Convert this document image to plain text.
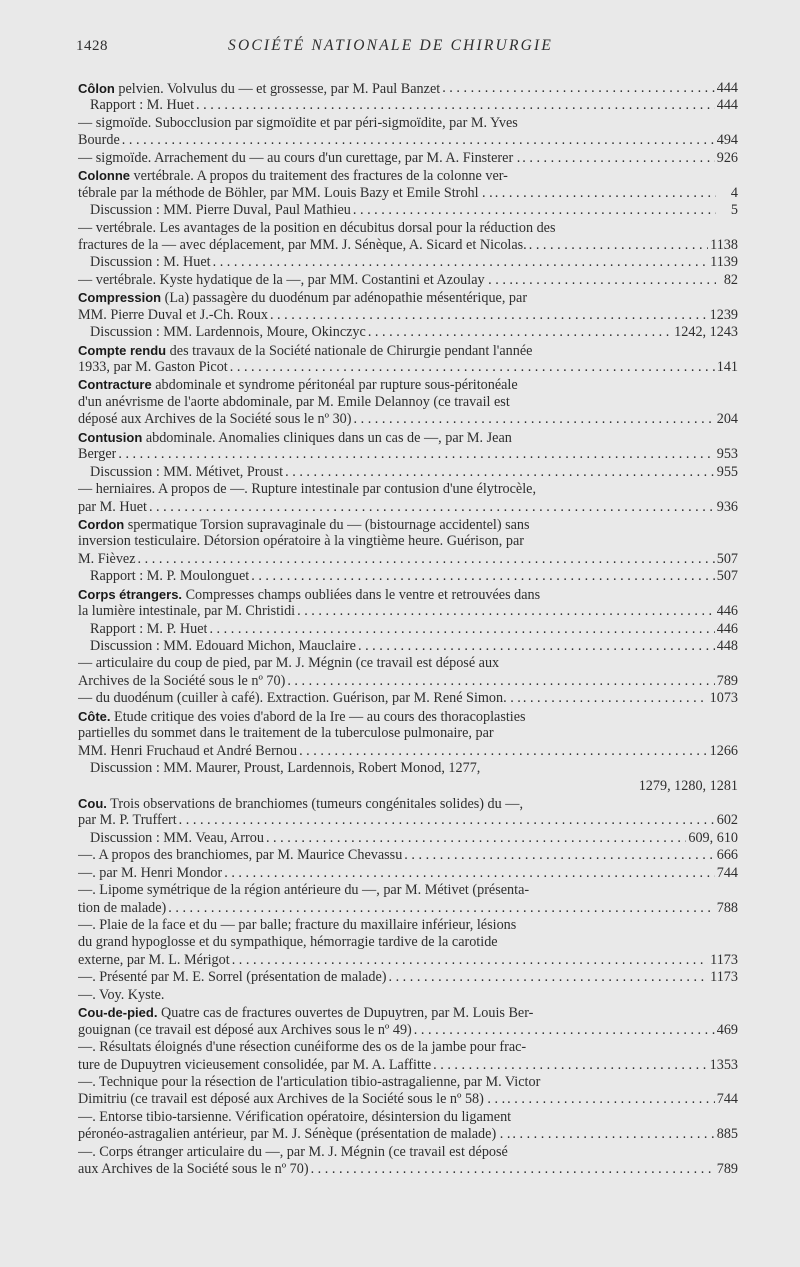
1428	SOCIÉTÉ NATIONALE DE CHIRURGIE
Côlon pelvien. Volvulus du — et grossesse, par M. Paul Banzet . . .	444
Rapport : M. Huet . . .	444
— sigmoïde. Subocclusion par sigmoïdite et par péri-sigmoïdite, par M. Yves
Bourde . . .	494
— sigmoïde. Arrachement du — au cours d'un curettage, par M. A. Finsterer . . . .	926
Colonne vertébrale. A propos du traitement des fractures de la colonne ver-
tébrale par la méthode de Böhler, par MM. Louis Bazy et Emile Strohl . . . . .	4
Discussion : MM. Pierre Duval, Paul Mathieu . . .	5
— vertébrale. Les avantages de la position en décubitus dorsal pour la réduction des
fractures de la — avec déplacement, par MM. J. Sénèque, A. Sicard et Nicolas. . . .	1138
Discussion : M. Huet . . .	1139
— vertébrale. Kyste hydatique de la —, par MM. Costantini et Azoulay . . . . . . .	82
Compression (La) passagère du duodénum par adénopathie mésentérique, par
MM. Pierre Duval et J.-Ch. Roux . . .	1239
Discussion : MM. Lardennois, Moure, Okinczyc . . .	1242, 1243
Compte rendu des travaux de la Société nationale de Chirurgie pendant l'année
1933, par M. Gaston Picot . . .	141
Contracture abdominale et syndrome péritonéal par rupture sous-péritonéale
d'un anévrisme de l'aorte abdominale, par M. Emile Delannoy (ce travail est
déposé aux Archives de la Société sous le nº 30) . . .	204
Contusion abdominale. Anomalies cliniques dans un cas de —, par M. Jean
Berger . . .	953
Discussion : MM. Métivet, Proust . . .	955
— herniaires. A propos de —. Rupture intestinale par contusion d'une élytrocèle,
par M. Huet . . .	936
Cordon spermatique Torsion supravaginale du — (bistournage accidentel) sans
inversion testiculaire. Détorsion opératoire à la vingtième heure. Guérison, par
M. Fièvez . . .	507
Rapport : M. P. Moulonguet . . .	507
Corps étrangers. Compresses champs oubliées dans le ventre et retrouvées dans
la lumière intestinale, par M. Christidi . . .	446
Rapport : M. P. Huet . . .	446
Discussion : MM. Edouard Michon, Mauclaire . . .	448
— articulaire du coup de pied, par M. J. Mégnin (ce travail est déposé aux
Archives de la Société sous le nº 70) . . .	789
— du duodénum (cuiller à café). Extraction. Guérison, par M. René Simon. . . . . .	1073
Côte. Etude critique des voies d'abord de la Ire — au cours des thoracoplasties
partielles du sommet dans le traitement de la tuberculose pulmonaire, par
MM. Henri Fruchaud et André Bernou . . .	1266
Discussion : MM. Maurer, Proust, Lardennois, Robert Monod, 1277,
1279, 1280, 1281
Cou. Trois observations de branchiomes (tumeurs congénitales solides) du —,
par M. P. Truffert . . .	602
Discussion : MM. Veau, Arrou . . .	609, 610
—. A propos des branchiomes, par M. Maurice Chevassu . . .	666
—. par M. Henri Mondor . . .	744
—. Lipome symétrique de la région antérieure du —, par M. Métivet (présenta-
tion de malade) . . .	788
—. Plaie de la face et du — par balle; fracture du maxillaire inférieur, lésions
du grand hypoglosse et du sympathique, hémorragie tardive de la carotide
externe, par M. L. Mérigot . . .	1173
—. Présenté par M. E. Sorrel (présentation de malade) . . .	1173
—. Voy. Kyste.
Cou-de-pied. Quatre cas de fractures ouvertes de Dupuytren, par M. Louis Ber-
gouignan (ce travail est déposé aux Archives sous le nº 49) . . .	469
—. Résultats éloignés d'une résection cunéiforme des os de la jambe pour frac-
ture de Dupuytren vicieusement consolidée, par M. A. Laffitte . . .	1353
—. Technique pour la résection de l'articulation tibio-astragalienne, par M. Victor
Dimitriu (ce travail est déposé aux Archives de la Société sous le nº 58) . . . . . .	744
—. Entorse tibio-tarsienne. Vérification opératoire, désintersion du ligament
péronéo-astragalien antérieur, par M. J. Sénèque (présentation de malade) . . . . .	885
—. Corps étranger articulaire du —, par M. J. Mégnin (ce travail est déposé
aux Archives de la Société sous le nº 70) . . .	789
